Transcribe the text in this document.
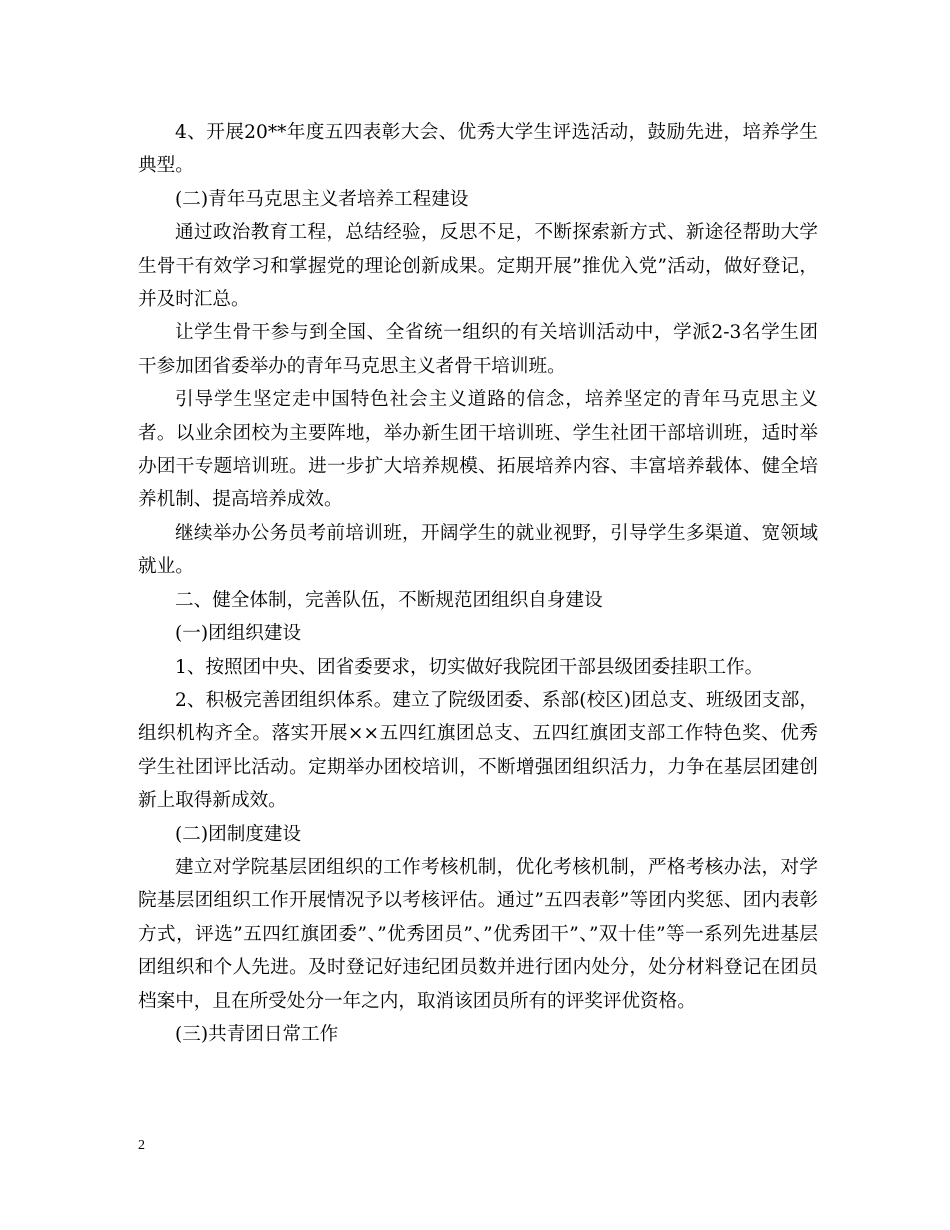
4、开展20**年度五四表彰大会、优秀大学生评选活动，鼓励先进，培养学生典型。

(二)青年马克思主义者培养工程建设

通过政治教育工程，总结经验，反思不足，不断探索新方式、新途径帮助大学生骨干有效学习和掌握党的理论创新成果。定期开展”推优入党”活动，做好登记，并及时汇总。

让学生骨干参与到全国、全省统一组织的有关培训活动中，学派2-3名学生团干参加团省委举办的青年马克思主义者骨干培训班。

引导学生坚定走中国特色社会主义道路的信念，培养坚定的青年马克思主义者。以业余团校为主要阵地，举办新生团干培训班、学生社团干部培训班，适时举办团干专题培训班。进一步扩大培养规模、拓展培养内容、丰富培养载体、健全培养机制、提高培养成效。

继续举办公务员考前培训班，开阔学生的就业视野，引导学生多渠道、宽领域就业。

二、健全体制，完善队伍，不断规范团组织自身建设

(一)团组织建设

1、按照团中央、团省委要求，切实做好我院团干部县级团委挂职工作。

2、积极完善团组织体系。建立了院级团委、系部(校区)团总支、班级团支部，组织机构齐全。落实开展××五四红旗团总支、五四红旗团支部工作特色奖、优秀学生社团评比活动。定期举办团校培训，不断增强团组织活力，力争在基层团建创新上取得新成效。

(二)团制度建设

建立对学院基层团组织的工作考核机制，优化考核机制，严格考核办法，对学院基层团组织工作开展情况予以考核评估。通过”五四表彰”等团内奖惩、团内表彰方式，评选”五四红旗团委”、”优秀团员”、”优秀团干”、”双十佳”等一系列先进基层团组织和个人先进。及时登记好违纪团员数并进行团内处分，处分材料登记在团员档案中，且在所受处分一年之内，取消该团员所有的评奖评优资格。

(三)共青团日常工作

2
